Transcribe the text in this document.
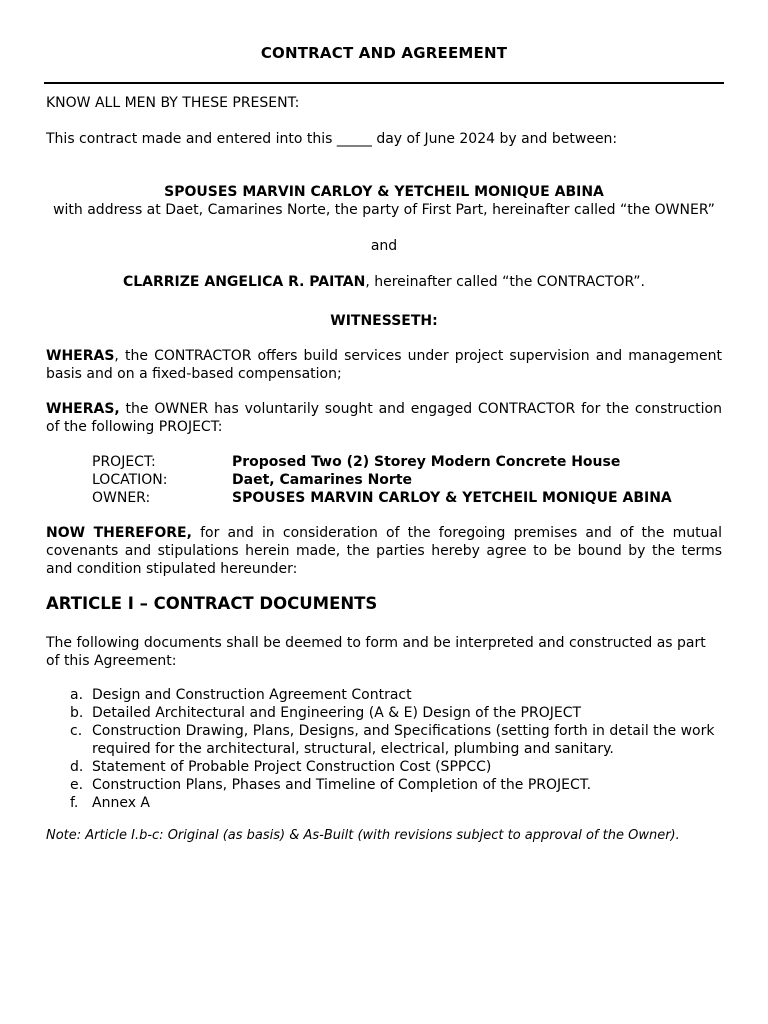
CONTRACT AND AGREEMENT
KNOW ALL MEN BY THESE PRESENT:
This contract made and entered into this _____ day of June 2024 by and between:
SPOUSES MARVIN CARLOY & YETCHEIL MONIQUE ABINA
with address at Daet, Camarines Norte, the party of First Part, hereinafter called “the OWNER”
and
CLARRIZE ANGELICA R. PAITAN, hereinafter called “the CONTRACTOR”.
WITNESSETH:
WHERAS, the CONTRACTOR offers build services under project supervision and management basis and on a fixed-based compensation;
WHERAS, the OWNER has voluntarily sought and engaged CONTRACTOR for the construction of the following PROJECT:
PROJECT:	Proposed Two (2) Storey Modern Concrete House
LOCATION:	Daet, Camarines Norte
OWNER:	SPOUSES MARVIN CARLOY & YETCHEIL MONIQUE ABINA
NOW THEREFORE, for and in consideration of the foregoing premises and of the mutual covenants and stipulations herein made, the parties hereby agree to be bound by the terms and condition stipulated hereunder:
ARTICLE I – CONTRACT DOCUMENTS
The following documents shall be deemed to form and be interpreted and constructed as part of this Agreement:
a. Design and Construction Agreement Contract
b. Detailed Architectural and Engineering (A & E) Design of the PROJECT
c. Construction Drawing, Plans, Designs, and Specifications (setting forth in detail the work required for the architectural, structural, electrical, plumbing and sanitary.
d. Statement of Probable Project Construction Cost (SPPCC)
e. Construction Plans, Phases and Timeline of Completion of the PROJECT.
f. Annex A
Note: Article I.b-c: Original (as basis) & As-Built (with revisions subject to approval of the Owner).
